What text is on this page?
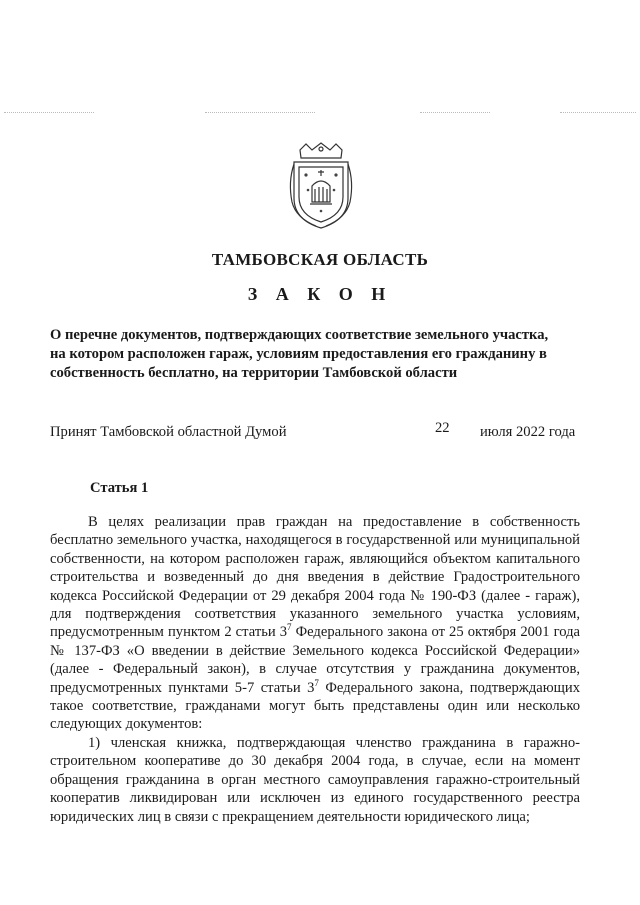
ТАМБОВСКАЯ ОБЛАСТЬ
З А К О Н
О перечне документов, подтверждающих соответствие земельного участка,
на котором расположен гараж, условиям предоставления его гражданину в
собственность бесплатно, на территории Тамбовской области
Принят Тамбовской областной Думой	22 июля 2022 года
Статья 1

В целях реализации прав граждан на предоставление в собственность бесплатно земельного участка, находящегося в государственной или муниципальной собственности, на котором расположен гараж, являющийся объектом капитального строительства и возведенный до дня введения в действие Градостроительного кодекса Российской Федерации от 29 декабря 2004 года № 190-ФЗ (далее - гараж), для подтверждения соответствия указанного земельного участка условиям, предусмотренным пунктом 2 статьи $3^7$ Федерального закона от 25 октября 2001 года № 137-ФЗ «О введении в действие Земельного кодекса Российской Федерации» (далее - Федеральный закон), в случае отсутствия у гражданина документов, предусмотренных пунктами 5-7 статьи $3^7$ Федерального закона, подтверждающих такое соответствие, гражданами могут быть представлены один или несколько следующих документов:

1) членская книжка, подтверждающая членство гражданина в гаражно-строительном кооперативе до 30 декабря 2004 года, в случае, если на момент обращения гражданина в орган местного самоуправления гаражно-строительный кооператив ликвидирован или исключен из единого государственного реестра юридических лиц в связи с прекращением деятельности юридического лица;
